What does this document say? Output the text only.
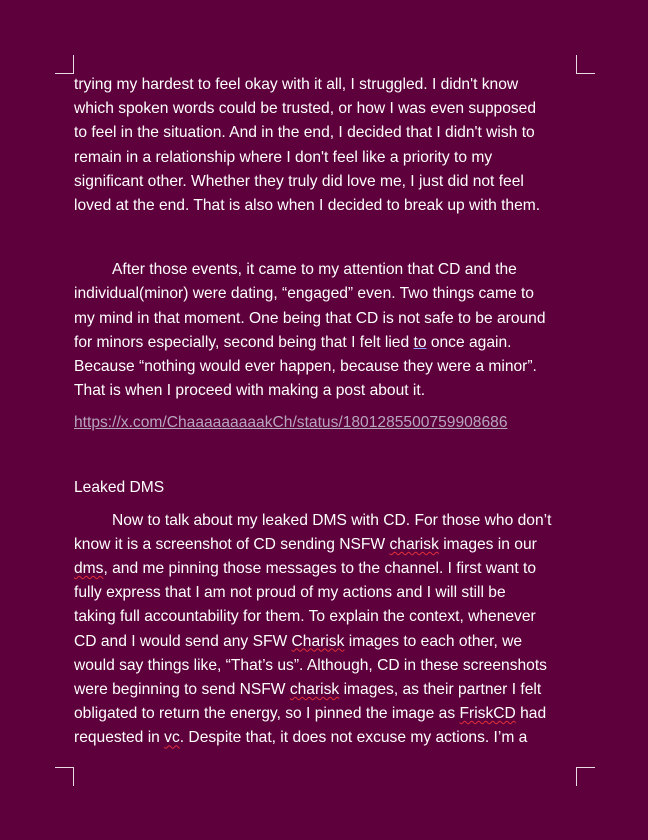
trying my hardest to feel okay with it all, I struggled. I didn't know
which spoken words could be trusted, or how I was even supposed
to feel in the situation. And in the end, I decided that I didn't wish to
remain in a relationship where I don't feel like a priority to my
significant other. Whether they truly did love me, I just did not feel
loved at the end. That is also when I decided to break up with them.
After those events, it came to my attention that CD and the
individual(minor) were dating, “engaged” even. Two things came to
my mind in that moment. One being that CD is not safe to be around
for minors especially, second being that I felt lied to once again.
Because “nothing would ever happen, because they were a minor”.
That is when I proceed with making a post about it.
https://x.com/ChaaaaaaaaakCh/status/1801285500759908686
Leaked DMS
Now to talk about my leaked DMS with CD. For those who don’t
know it is a screenshot of CD sending NSFW charisk images in our
dms, and me pinning those messages to the channel. I first want to
fully express that I am not proud of my actions and I will still be
taking full accountability for them. To explain the context, whenever
CD and I would send any SFW Charisk images to each other, we
would say things like, “That’s us”. Although, CD in these screenshots
were beginning to send NSFW charisk images, as their partner I felt
obligated to return the energy, so I pinned the image as FriskCD had
requested in vc. Despite that, it does not excuse my actions. I’m a
